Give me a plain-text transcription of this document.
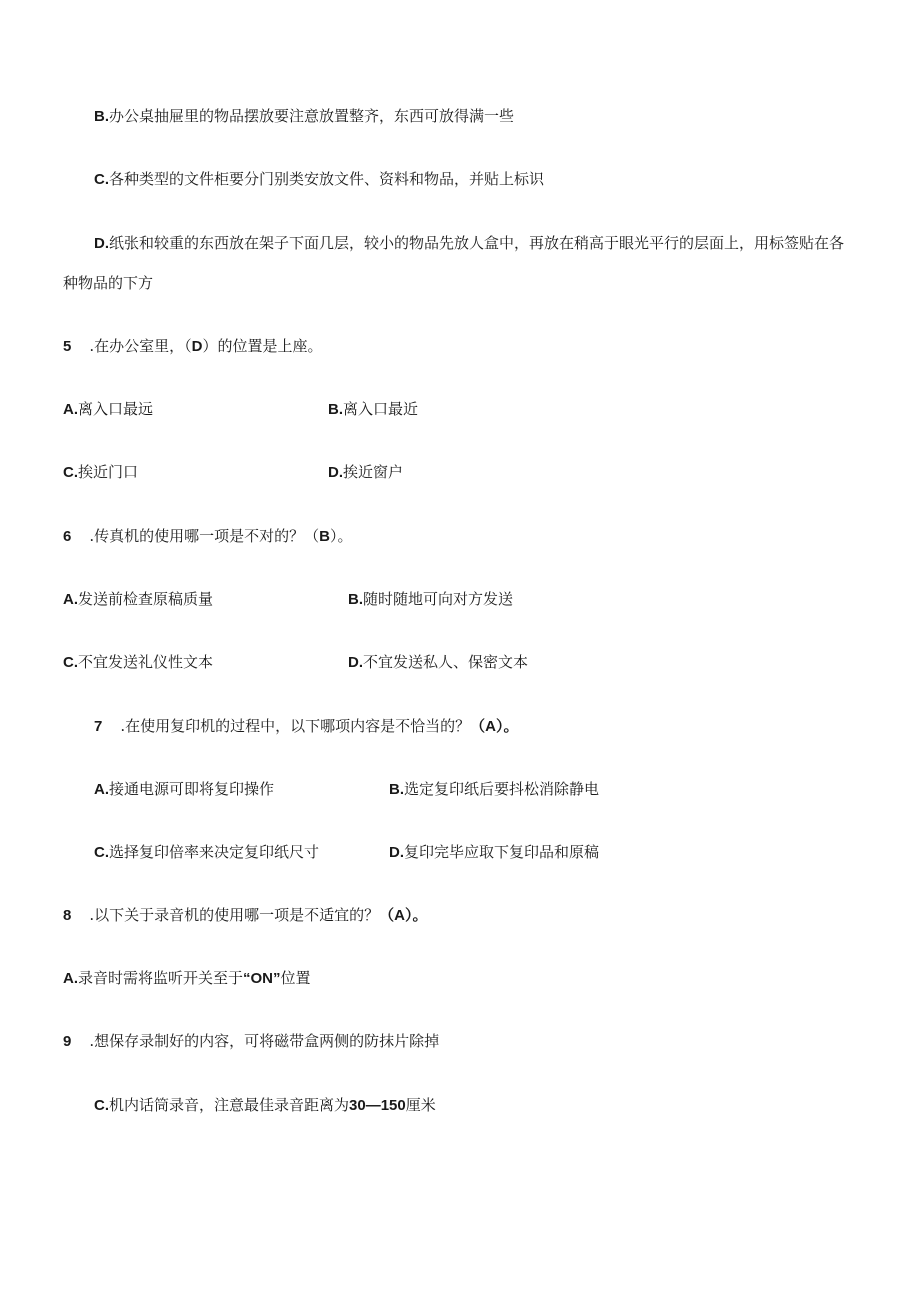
B.办公桌抽屉里的物品摆放要注意放置整齐，东西可放得满一些
C.各种类型的文件柜要分门别类安放文件、资料和物品，并贴上标识
D.纸张和较重的东西放在架子下面几层，较小的物品先放人盒中，再放在稍高于眼光平行的层面上，用标签贴在各
种物品的下方
5 .在办公室里，（D）的位置是上座。
A.离入口最远	B.离入口最近
C.挨近门口	D.挨近窗户
6 .传真机的使用哪一项是不对的？（B）。
A.发送前检查原稿质量	B.随时随地可向对方发送
C.不宜发送礼仪性文本	D.不宜发送私人、保密文本
7 .在使用复印机的过程中，以下哪项内容是不恰当的？（A）。
A.接通电源可即将复印操作	B.选定复印纸后要抖松消除静电
C.选择复印倍率来决定复印纸尺寸	D.复印完毕应取下复印品和原稿
8 .以下关于录音机的使用哪一项是不适宜的？（A）。
A.录音时需将监听开关至于“ON”位置
9 .想保存录制好的内容，可将磁带盒两侧的防抹片除掉
C.机内话筒录音，注意最佳录音距离为30—150厘米
